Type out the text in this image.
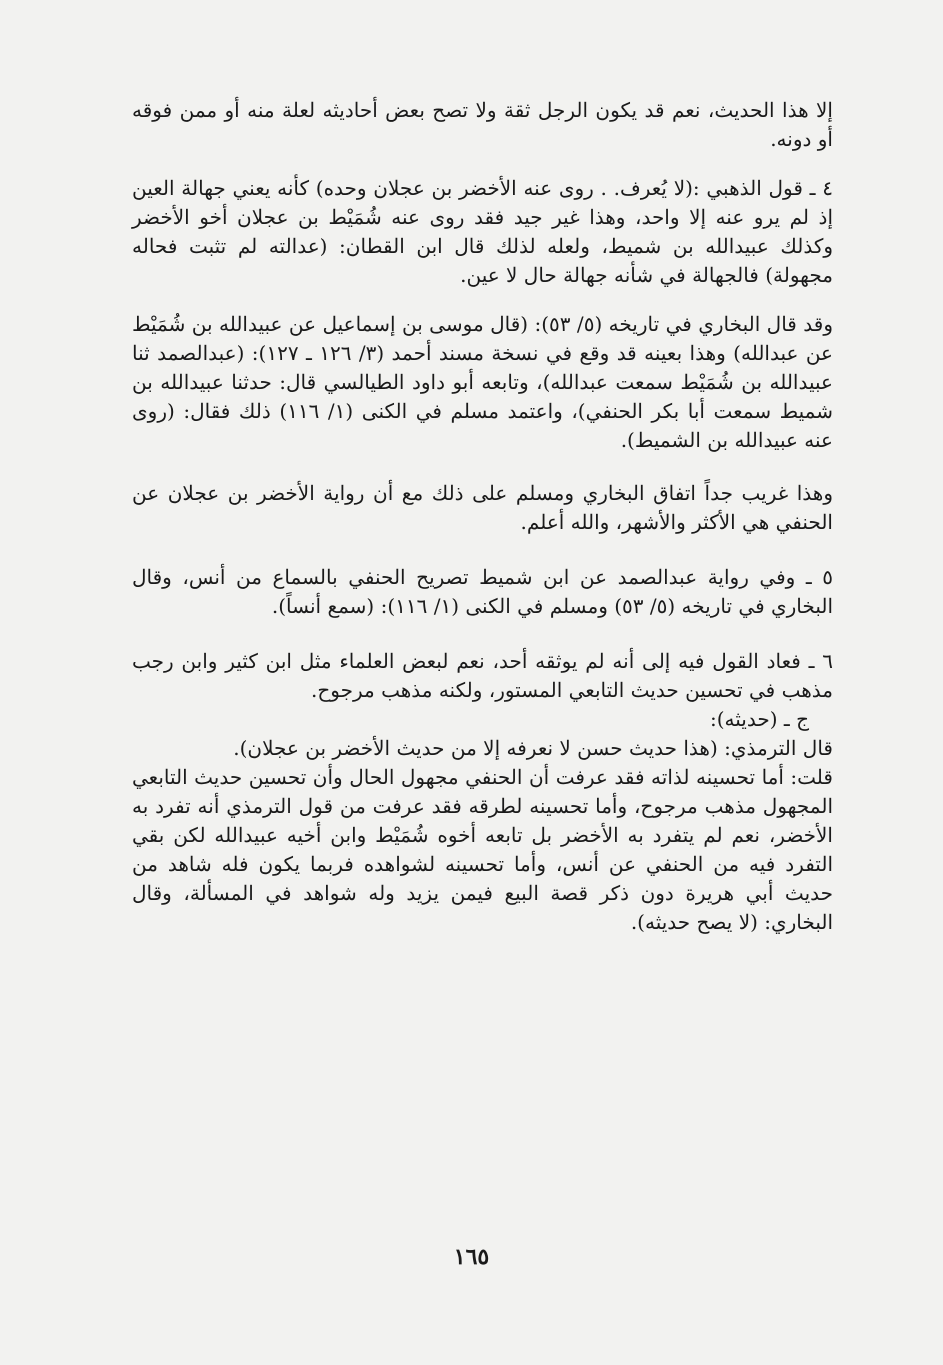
إلا هذا الحديث، نعم قد يكون الرجل ثقة ولا تصح بعض أحاديثه لعلة منه أو ممن فوقه أو دونه.

٤ ـ قول الذهبي :(لا يُعرف. . روى عنه الأخضر بن عجلان وحده) كأنه يعني جهالة العين إذ لم يرو عنه إلا واحد، وهذا غير جيد فقد روى عنه شُمَيْط بن عجلان أخو الأخضر وكذلك عبيدالله بن شميط، ولعله لذلك قال ابن القطان: (عدالته لم تثبت فحاله مجهولة) فالجهالة في شأنه جهالة حال لا عين.

وقد قال البخاري في تاريخه (٥/ ٥٣): (قال موسى بن إسماعيل عن عبيدالله بن شُمَيْط عن عبدالله) وهذا بعينه قد وقع في نسخة مسند أحمد (٣/ ١٢٦ ـ ١٢٧): (عبدالصمد ثنا عبيدالله بن شُمَيْط سمعت عبدالله)، وتابعه أبو داود الطيالسي قال: حدثنا عبيدالله بن شميط سمعت أبا بكر الحنفي)، واعتمد مسلم في الكنى (١/ ١١٦) ذلك فقال: (روى عنه عبيدالله بن الشميط).

وهذا غريب جداً اتفاق البخاري ومسلم على ذلك مع أن رواية الأخضر بن عجلان عن الحنفي هي الأكثر والأشهر، والله أعلم.

٥ ـ وفي رواية عبدالصمد عن ابن شميط تصريح الحنفي بالسماع من أنس، وقال البخاري في تاريخه (٥/ ٥٣) ومسلم في الكنى (١/ ١١٦): (سمع أنساً).

٦ ـ فعاد القول فيه إلى أنه لم يوثقه أحد، نعم لبعض العلماء مثل ابن كثير وابن رجب مذهب في تحسين حديث التابعي المستور، ولكنه مذهب مرجوح.

ج ـ (حديثه):

قال الترمذي: (هذا حديث حسن لا نعرفه إلا من حديث الأخضر بن عجلان).

قلت: أما تحسينه لذاته فقد عرفت أن الحنفي مجهول الحال وأن تحسين حديث التابعي المجهول مذهب مرجوح، وأما تحسينه لطرقه فقد عرفت من قول الترمذي أنه تفرد به الأخضر، نعم لم يتفرد به الأخضر بل تابعه أخوه شُمَيْط وابن أخيه عبيدالله لكن بقي التفرد فيه من الحنفي عن أنس، وأما تحسينه لشواهده فربما يكون فله شاهد من حديث أبي هريرة دون ذكر قصة البيع فيمن يزيد وله شواهد في المسألة، وقال البخاري: (لا يصح حديثه).

١٦٥
